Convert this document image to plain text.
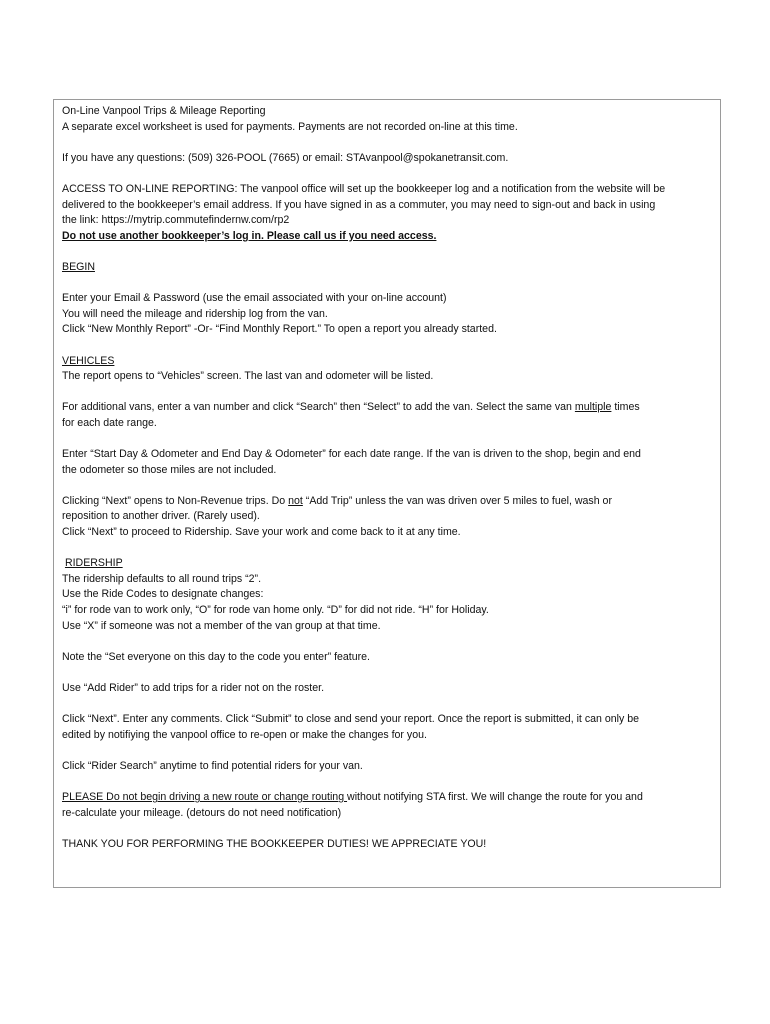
On-Line Vanpool Trips & Mileage Reporting
A separate excel worksheet is used for payments. Payments are not recorded on-line at this time.
If you have any questions: (509) 326-POOL (7665) or email: STAvanpool@spokanetransit.com.
ACCESS TO ON-LINE REPORTING: The vanpool office will set up the bookkeeper log and a notification from the website will be
delivered to the bookkeeper’s email address. If you have signed in as a commuter, you may need to sign-out and back in using
the link: https://mytrip.commutefindernw.com/rp2
Do not use another bookkeeper’s log in. Please call us if you need access.
BEGIN
Enter your Email & Password (use the email associated with your on-line account)
You will need the mileage and ridership log from the van.
Click “New Monthly Report” -Or- “Find Monthly Report.” To open a report you already started.
VEHICLES
The report opens to “Vehicles” screen. The last van and odometer will be listed.
For additional vans, enter a van number and click “Search” then “Select” to add the van. Select the same van multiple times
for each date range.
Enter “Start Day & Odometer and End Day & Odometer” for each date range. If the van is driven to the shop, begin and end
the odometer so those miles are not included.
Clicking “Next” opens to Non-Revenue trips. Do not “Add Trip” unless the van was driven over 5 miles to fuel, wash or
reposition to another driver. (Rarely used).
Click “Next” to proceed to Ridership. Save your work and come back to it at any time.
RIDERSHIP
The ridership defaults to all round trips “2”.
Use the Ride Codes to designate changes:
“i” for rode van to work only, “O” for rode van home only. “D” for did not ride. “H” for Holiday.
Use “X” if someone was not a member of the van group at that time.
Note the “Set everyone on this day to the code you enter” feature.
Use “Add Rider” to add trips for a rider not on the roster.
Click “Next”. Enter any comments. Click “Submit” to close and send your report. Once the report is submitted, it can only be
edited by notifiying the vanpool office to re-open or make the changes for you.
Click “Rider Search” anytime to find potential riders for your van.
PLEASE Do not begin driving a new route or change routing without notifying STA first. We will change the route for you and
re-calculate your mileage. (detours do not need notification)
THANK YOU FOR PERFORMING THE BOOKKEEPER DUTIES! WE APPRECIATE YOU!
